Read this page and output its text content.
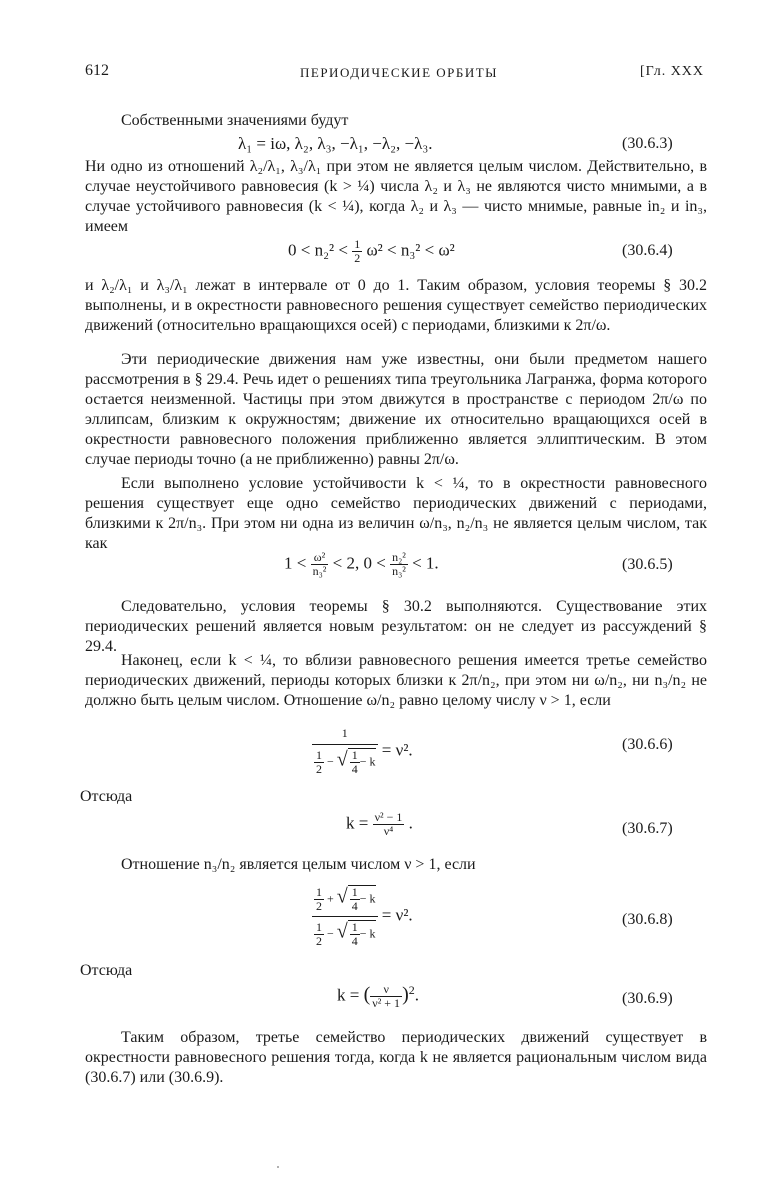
612	ПЕРИОДИЧЕСКИЕ ОРБИТЫ	[Гл. XXX
Собственными значениями будут
λ₁ = iω, λ₂, λ₃, −λ₁, −λ₂, −λ₃.	(30.6.3)
Ни одно из отношений λ₂/λ₁, λ₃/λ₁ при этом не является целым числом. Действительно, в случае неустойчивого равновесия (k > ¼) числа λ₂ и λ₃ не являются чисто мнимыми, а в случае устойчивого равновесия (k < ¼), когда λ₂ и λ₃ — чисто мнимые, равные in₂ и in₃, имеем
$0 < n_2^2 < \frac{1}{2} \omega^2 < n_3^2 < \omega^2$	(30.6.4)
и λ₂/λ₁ и λ₃/λ₁ лежат в интервале от 0 до 1. Таким образом, условия теоремы § 30.2 выполнены, и в окрестности равновесного решения существует семейство периодических движений (относительно вращающихся осей) с периодами, близкими к 2π/ω.
Эти периодические движения нам уже известны, они были предметом нашего рассмотрения в § 29.4. Речь идет о решениях типа треугольника Лагранжа, форма которого остается неизменной. Частицы при этом движутся в пространстве с периодом 2π/ω по эллипсам, близким к окружностям; движение их относительно вращающихся осей в окрестности равновесного положения приближенно является эллиптическим. В этом случае периоды точно (а не приближенно) равны 2π/ω.
Если выполнено условие устойчивости k < ¼, то в окрестности равновесного решения существует еще одно семейство периодических движений с периодами, близкими к 2π/n₃. При этом ни одна из величин ω/n₃, n₂/n₃ не является целым числом, так как
$1 < \frac{\text{ω²}}{\text{n₃²}} < 2$, $0 < \frac{\text{n₂²}}{\text{n₃²}} < 1$.	(30.6.5)
Следовательно, условия теоремы § 30.2 выполняются. Существование этих периодических решений является новым результатом: он не следует из рассуждений § 29.4.
Наконец, если k < ¼, то вблизи равновесного решения имеется третье семейство периодических движений, периоды которых близки к 2π/n₂, при этом ни ω/n₂, ни n₃/n₂ не должно быть целым числом. Отношение ω/n₂ равно целому числу ν > 1, если
$\frac{1}{\frac{1}{2} - √ \frac{1}{4} - k} = \nu^2$.	(30.6.6)
Отсюда
$k = \frac{\text{ν² − 1}}{\text{ν⁴}}$ .	(30.6.7)
Отношение n₃/n₂ является целым числом ν > 1, если
$\frac{\frac{1}{2} + √ \frac{1}{4} - k}{\frac{1}{2} - √ \frac{1}{4} - k} = \nu^2$.	(30.6.8)
Отсюда
k = ( $\frac{\nu}{\text{ν² + 1}} )^2$.	(30.6.9)
Таким образом, третье семейство периодических движений существует в окрестности равновесного решения тогда, когда k не является рациональным числом вида (30.6.7) или (30.6.9).
